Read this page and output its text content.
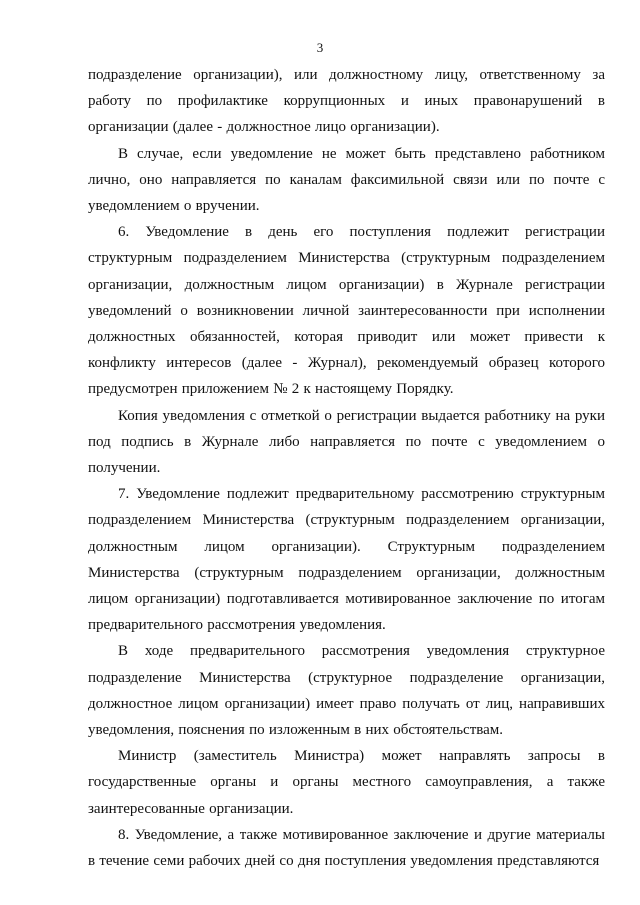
3

подразделение организации), или должностному лицу, ответственному за работу по профилактике коррупционных и иных правонарушений в организации (далее - должностное лицо организации).

В случае, если уведомление не может быть представлено работником лично, оно направляется по каналам факсимильной связи или по почте с уведомлением о вручении.

6. Уведомление в день его поступления подлежит регистрации структурным подразделением Министерства (структурным подразделением организации, должностным лицом организации) в Журнале регистрации уведомлений о возникновении личной заинтересованности при исполнении должностных обязанностей, которая приводит или может привести к конфликту интересов (далее - Журнал), рекомендуемый образец которого предусмотрен приложением № 2 к настоящему Порядку.

Копия уведомления с отметкой о регистрации выдается работнику на руки под подпись в Журнале либо направляется по почте с уведомлением о получении.

7. Уведомление подлежит предварительному рассмотрению структурным подразделением Министерства (структурным подразделением организации, должностным лицом организации). Структурным подразделением Министерства (структурным подразделением организации, должностным лицом организации) подготавливается мотивированное заключение по итогам предварительного рассмотрения уведомления.

В ходе предварительного рассмотрения уведомления структурное подразделение Министерства (структурное подразделение организации, должностное лицом организации) имеет право получать от лиц, направивших уведомления, пояснения по изложенным в них обстоятельствам.

Министр (заместитель Министра) может направлять запросы в государственные органы и органы местного самоуправления, а также заинтересованные организации.

8. Уведомление, а также мотивированное заключение и другие материалы в течение семи рабочих дней со дня поступления уведомления представляются
